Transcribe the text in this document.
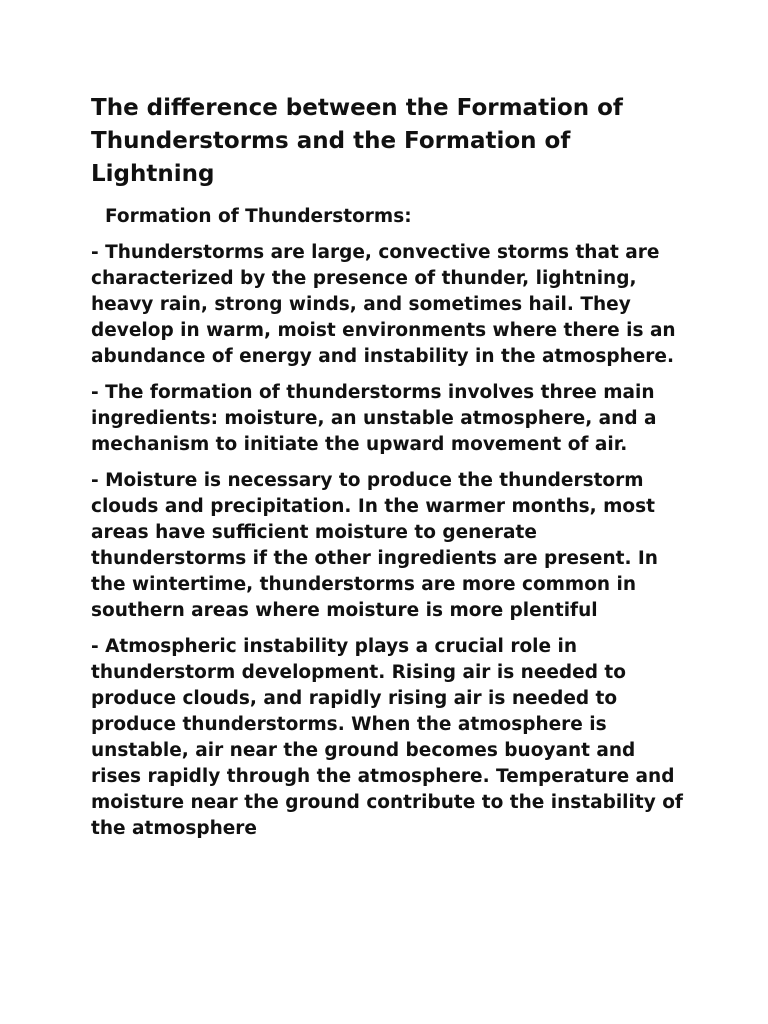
The difference between the Formation of Thunderstorms and the Formation of Lightning
Formation of Thunderstorms:

- Thunderstorms are large, convective storms that are characterized by the presence of thunder, lightning, heavy rain, strong winds, and sometimes hail. They develop in warm, moist environments where there is an abundance of energy and instability in the atmosphere.

- The formation of thunderstorms involves three main ingredients: moisture, an unstable atmosphere, and a mechanism to initiate the upward movement of air.

- Moisture is necessary to produce the thunderstorm clouds and precipitation. In the warmer months, most areas have sufficient moisture to generate thunderstorms if the other ingredients are present. In the wintertime, thunderstorms are more common in southern areas where moisture is more plentiful

- Atmospheric instability plays a crucial role in thunderstorm development. Rising air is needed to produce clouds, and rapidly rising air is needed to produce thunderstorms. When the atmosphere is unstable, air near the ground becomes buoyant and rises rapidly through the atmosphere. Temperature and moisture near the ground contribute to the instability of the atmosphere
